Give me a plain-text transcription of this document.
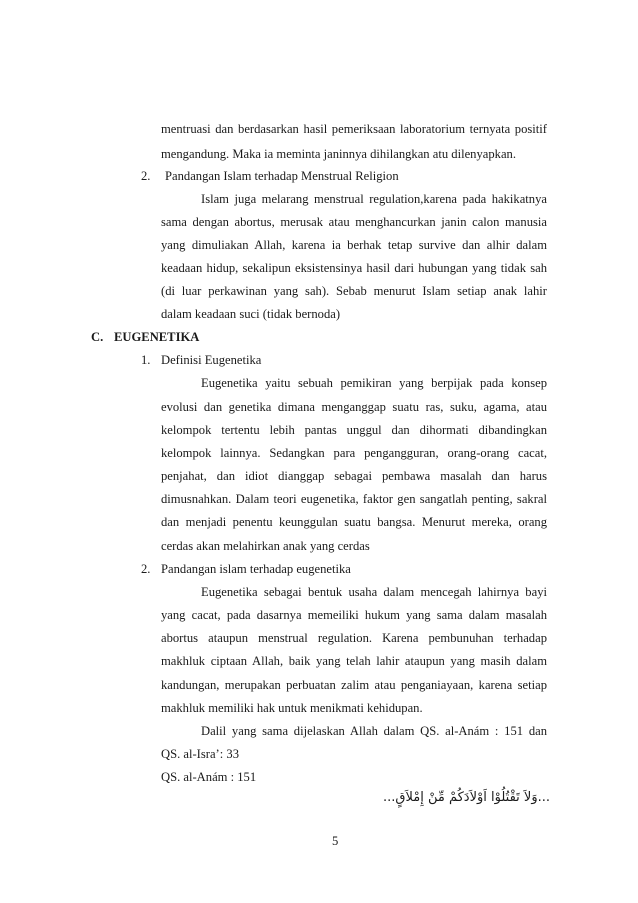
mentruasi dan berdasarkan hasil pemeriksaan laboratorium ternyata positif
mengandung. Maka ia meminta janinnya dihilangkan atu dilenyapkan.
2. Pandangan Islam terhadap Menstrual Religion
Islam juga melarang menstrual regulation,karena pada hakikatnya
sama dengan abortus, merusak atau menghancurkan janin calon manusia
yang dimuliakan Allah, karena ia berhak tetap survive dan alhir dalam
keadaan hidup, sekalipun eksistensinya hasil dari hubungan yang tidak sah
(di luar perkawinan yang sah). Sebab menurut Islam setiap anak lahir
dalam keadaan suci (tidak bernoda)
C. EUGENETIKA
1. Definisi Eugenetika
Eugenetika yaitu sebuah pemikiran yang berpijak pada konsep
evolusi dan genetika dimana menganggap suatu ras, suku, agama, atau
kelompok tertentu lebih pantas unggul dan dihormati dibandingkan
kelompok lainnya. Sedangkan para pengangguran, orang-orang cacat,
penjahat, dan idiot dianggap sebagai pembawa masalah dan harus
dimusnahkan. Dalam teori eugenetika, faktor gen sangatlah penting, sakral
dan menjadi penentu keunggulan suatu bangsa. Menurut mereka, orang
cerdas akan melahirkan anak yang cerdas
2. Pandangan islam terhadap eugenetika
Eugenetika sebagai bentuk usaha dalam mencegah lahirnya bayi
yang cacat, pada dasarnya memeiliki hukum yang sama dalam masalah
abortus ataupun menstrual regulation. Karena pembunuhan terhadap
makhluk ciptaan Allah, baik yang telah lahir ataupun yang masih dalam
kandungan, merupakan perbuatan zalim atau penganiayaan, karena setiap
makhluk memiliki hak untuk menikmati kehidupan.
Dalil yang sama dijelaskan Allah dalam QS. al-Anám : 151 dan
QS. al-Isra’: 33
QS. al-Anám : 151
...وَلاَ تَقْتُلُوْا اَوْلاَدَكُمْ مِّنْ إِمْلاَقٍ...
5
